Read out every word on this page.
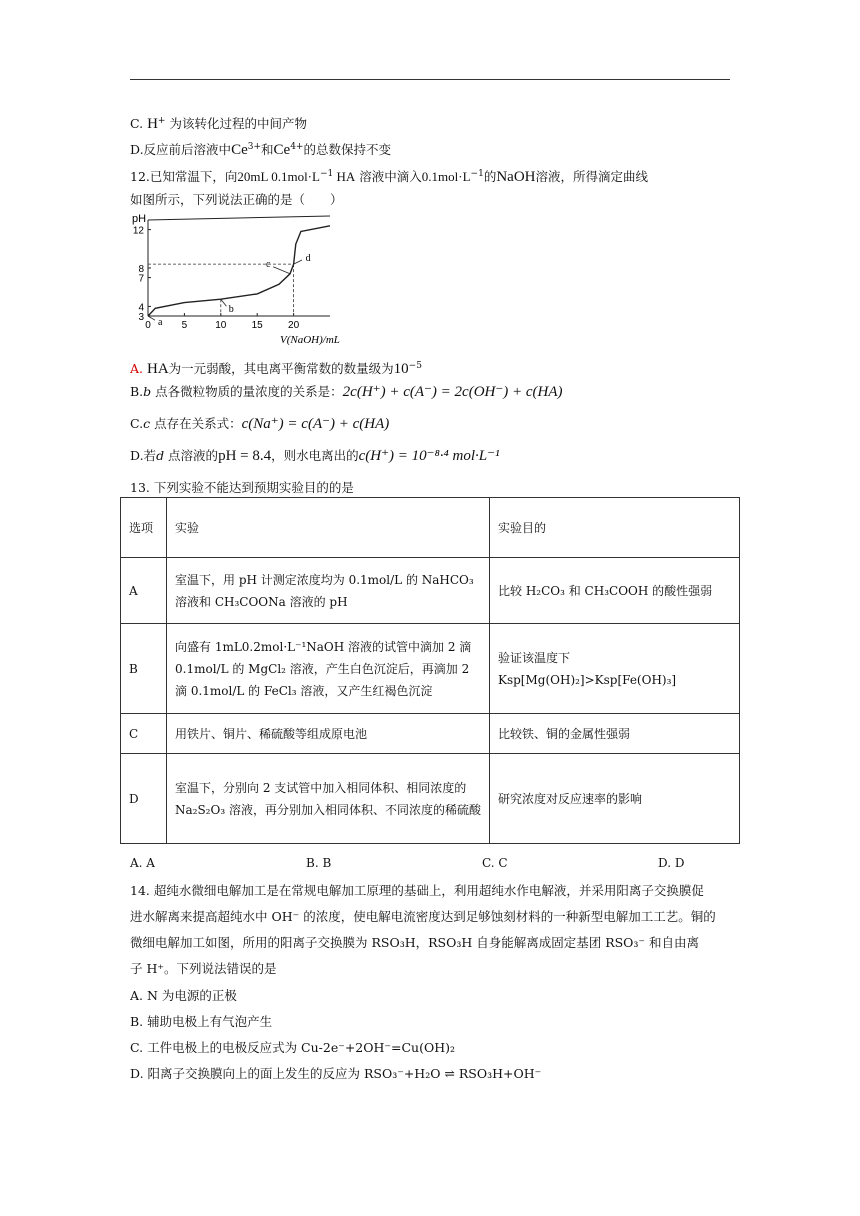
C. H+ 为该转化过程的中间产物
D.反应前后溶液中$Ce^{3+}$和$Ce^{4+}$的总数保持不变
12.已知常温下，向20mL $0.1mol\cdot L^{-1}$ HA 溶液中滴入$0.1mol\cdot L^{-1}$的NaOH溶液，所得滴定曲线
如图所示，下列说法正确的是（　　）
0	5	10	15	20
3
4
7
8
12
a
b
c
d
pH
V(NaOH)/mL
A. HA为一元弱酸，其电离平衡常数的数量级为$10^{-5}$
B.b 点各微粒物质的量浓度的关系是：2c(H⁺) + c(A⁻) = 2c(OH⁻) + c(HA)
C.c 点存在关系式：c(Na⁺) = c(A⁻) + c(HA)
D.若d 点溶液的pH = 8.4，则水电离出的c(H⁺) = 10⁻⁸·⁴ mol·L⁻¹
13. 下列实验不能达到预期实验目的的是
选项	实验	实验目的
A	室温下，用 pH 计测定浓度均为 0.1mol/L 的 NaHCO₃ 溶液和 CH₃COONa 溶液的 pH	比较 H₂CO₃ 和 CH₃COOH 的酸性强弱
B	向盛有 1mL0.2mol·L⁻¹NaOH 溶液的试管中滴加 2 滴 0.1mol/L 的 MgCl₂ 溶液，产生白色沉淀后，再滴加 2 滴 0.1mol/L 的 FeCl₃ 溶液，又产生红褐色沉淀	验证该温度下 Ksp[Mg(OH)₂]>Ksp[Fe(OH)₃]
C	用铁片、铜片、稀硫酸等组成原电池	比较铁、铜的金属性强弱
D	室温下，分别向 2 支试管中加入相同体积、相同浓度的 Na₂S₂O₃ 溶液，再分别加入相同体积、不同浓度的稀硫酸	研究浓度对反应速率的影响
A. A	B. B	C. C	D. D
14. 超纯水微细电解加工是在常规电解加工原理的基础上，利用超纯水作电解液，并采用阳离子交换膜促
进水解离来提高超纯水中 OH⁻ 的浓度，使电解电流密度达到足够蚀刻材料的一种新型电解加工工艺。铜的
微细电解加工如图，所用的阳离子交换膜为 RSO₃H，RSO₃H 自身能解离成固定基团 RSO₃⁻ 和自由离
子 H⁺。下列说法错误的是
A. N 为电源的正极
B. 辅助电极上有气泡产生
C. 工件电极上的电极反应式为 Cu-2e⁻+2OH⁻=Cu(OH)₂
D. 阳离子交换膜向上的面上发生的反应为 RSO₃⁻+H₂O ⇌ RSO₃H+OH⁻
